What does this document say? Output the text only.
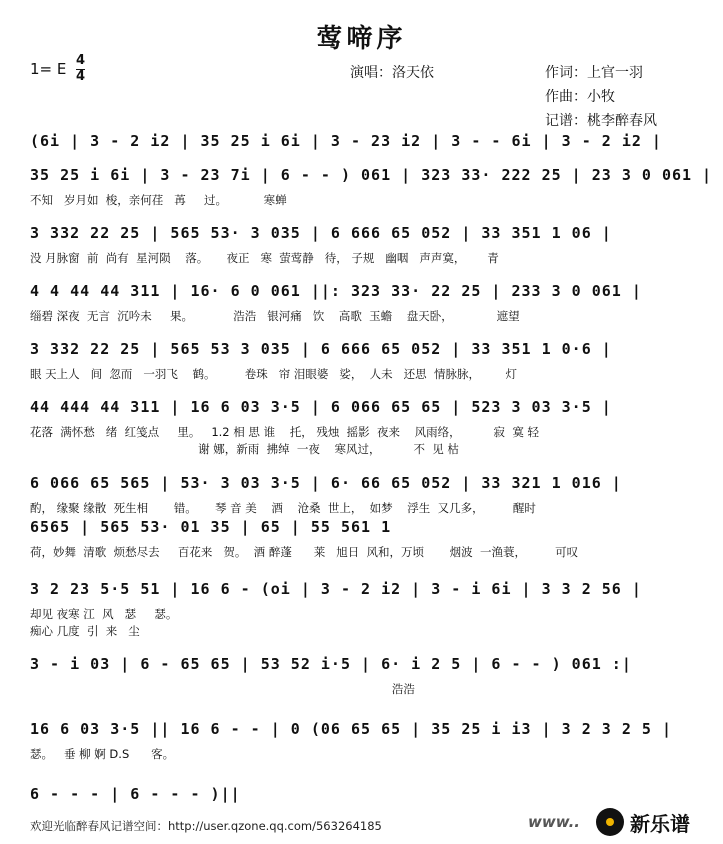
莺啼序
1= E 4
4	演唱：洛天依	作词：上官一羽
作曲：小牧
记谱：桃李醉春风
(6i | 3 - 2 i2 | 35 25 i 6i | 3 - 23 i2 | 3 - - 6i | 3 - 2 i2 |
35 25 i 6i | 3 - 23 7i | 6 - - ) 061 | 323 33· 222 25 | 23 3 0 061 |
不知   岁月如  梭，亲何荏   苒     过。          寒蝉
3 332 22 25 | 565 53· 3 035 | 6 666 65 052 | 33 351 1 06 |
没 月脉窗  前  尚有  星河陨    落。     夜正   寒  萤莺静   待， 子规   幽咽   声声寞，      青
4 4 44 44 311 | 16· 6 0 061 ||: 323 33· 22 25 | 233 3 0 061 |
缁碧 深夜  无言  沉吟未     果。           浩浩   银河痛   饮    高歌  玉蟾    盘天卧，            遮望
3 332 22 25 | 565 53 3 035 | 6 666 65 052 | 33 351 1 0·6 |
眼 天上人   间  忽而   一羽飞    鹤。        卷珠   帘 泪眼婆   娑，  人未   还思  情脉脉，       灯
44 444 44 311 | 16 6 03 3·5 | 6 066 65 65 | 523 3 03 3·5 |
花落  满怀愁   绪  红笺点     里。   1.2 相 思 谁    托， 残烛  摇影  夜来    风雨络，         寂  寞 轻
谢 娜，新雨  拂绰  一夜    寒风过，         不  见 枯
6 066 65 565 | 53· 3 03 3·5 | 6· 66 65 052 | 33 321 1 016 |
酌， 缘聚 缘散  死生相       错。     琴 音 美    酒    沧桑  世上，  如梦    浮生  又几多，        醒时
6565 | 565 53· 01 35 | 65 | 55 561 1
荷，妙舞  清歌  烦愁尽去     百花来   贺。  酒 醉蓬      莱   旭日  风和，万顷       烟波  一渔蓑，        可叹
3 2 23 5·5 51 | 16 6 - (oi | 3 - 2 i2 | 3 - i 6i | 3 3 2 56 |
却见 夜寒 江  风   瑟     瑟。
痴心 几度  引  来   尘
3 - i 03 | 6 - 65 65 | 53 52 i·5 | 6· i 2 5 | 6 - - ) 061 :|
浩浩
16 6 03 3·5 || 16 6 - - | 0 (06 65 65 | 35 25 i i3 | 3 2 3 2 5 |
瑟。   垂 柳 婀 D.S      客。
6 - - - | 6 - - - )||
欢迎光临醉春风记谱空间：http://user.qzone.qq.com/563264185	www.. 新乐谱
